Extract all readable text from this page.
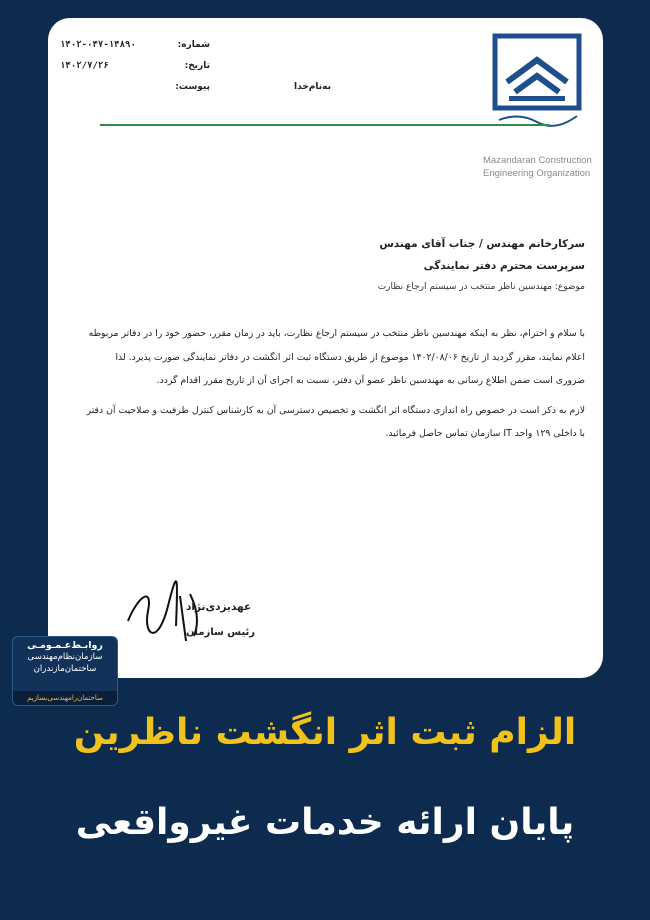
شماره:
۱۴۰۲-۰۴۷-۱۴۸۹۰
تاریخ:
۱۴۰۲/۷/۲۶
پیوست:	به‌نام‌خدا
Mazandaran Construction
Engineering Organization
سرکارخانم مهندس / جناب آقای مهندس
سرپرست محترم دفتر نمایندگی
موضوع: مهندسین ناظر منتخب در سیستم ارجاع نظارت

با سلام و احترام، نظر به اینکه مهندسین ناظر منتخب در سیستم ارجاع نظارت، باید در زمان مقرر، حضور خود را در دفاتر مربوطه اعلام نمایند، مقرر گردید از تاریخ ۱۴۰۲/۰۸/۰۶ موضوع از طریق دستگاه ثبت اثر انگشت در دفاتر نمایندگی صورت پذیرد. لذا ضروری است ضمن اطلاع رسانی به مهندسین ناظر عضو آن دفتر، نسبت به اجرای آن از تاریخ مقرر اقدام گردد.

لازم به ذکر است در خصوص راه اندازی دستگاه اثر انگشت و تخصیص دسترسی آن به کارشناس کنترل ظرفیت و صلاحیت آن دفتر با داخلی ۱۲۹ واحد IT سازمان تماس حاصل فرمائید.

عهدیزدی‌نژاد
رئیس سازمان
روابـط‌عـمـومـی
سازمان‌نظام‌مهندسی
ساختمان‌مازندران
ساختمان‌را‌مهندسی‌بسازیم
الزام ثبت اثر انگشت ناظرین
پایان ارائه خدمات غیرواقعی
